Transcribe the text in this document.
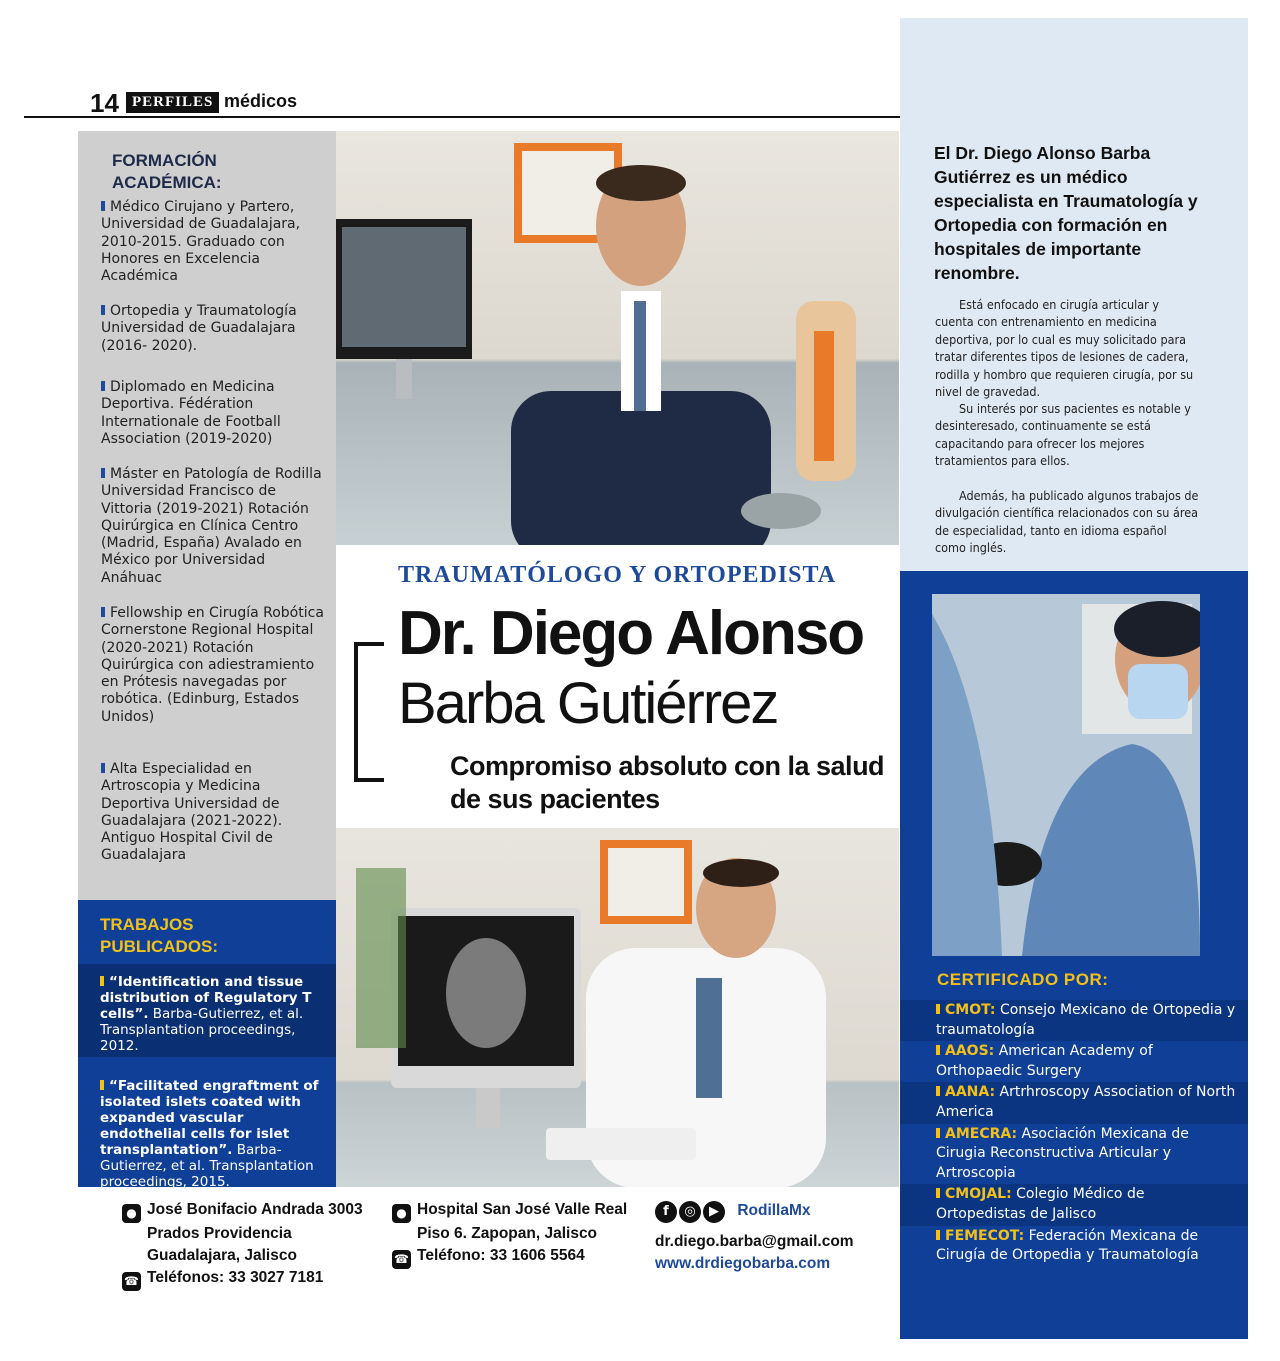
14 PERFILES médicos
FORMACIÓN ACADÉMICA:
Médico Cirujano y Partero, Universidad de Guadalajara, 2010-2015. Graduado con Honores en Excelencia Académica
Ortopedia y Traumatología Universidad de Guadalajara (2016- 2020).
Diplomado en Medicina Deportiva. Fédération Internationale de Football Association (2019-2020)
Máster en Patología de Rodilla Universidad Francisco de Vittoria (2019-2021) Rotación Quirúrgica en Clínica Centro (Madrid, España) Avalado en México por Universidad Anáhuac
Fellowship en Cirugía Robótica Cornerstone Regional Hospital (2020-2021) Rotación Quirúrgica con adiestramiento en Prótesis navegadas por robótica. (Edinburg, Estados Unidos)
Alta Especialidad en Artroscopia y Medicina Deportiva Universidad de Guadalajara (2021-2022). Antiguo Hospital Civil de Guadalajara
TRABAJOS PUBLICADOS:
“Identification and tissue distribution of Regulatory T cells”. Barba-Gutierrez, et al. Transplantation proceedings, 2012.
“Facilitated engraftment of isolated islets coated with expanded vascular endothelial cells for islet transplantation”. Barba-Gutierrez, et al. Transplantation proceedings, 2015.
TRAUMATÓLOGO Y ORTOPEDISTA
Dr. Diego Alonso
Barba Gutiérrez
Compromiso absoluto con la salud de sus pacientes
El Dr. Diego Alonso Barba Gutiérrez es un médico especialista en Traumatología y Ortopedia con formación en hospitales de importante renombre.
Está enfocado en cirugía articular y cuenta con entrenamiento en medicina deportiva, por lo cual es muy solicitado para tratar diferentes tipos de lesiones de cadera, rodilla y hombro que requieren cirugía, por su nivel de gravedad.
Su interés por sus pacientes es notable y desinteresado, continuamente se está capacitando para ofrecer los mejores tratamientos para ellos.
Además, ha publicado algunos trabajos de divulgación científica relacionados con su área de especialidad, tanto en idioma español como inglés.
CERTIFICADO POR:
CMOT: Consejo Mexicano de Ortopedia y traumatología
AAOS: American Academy of Orthopaedic Surgery
AANA: Artrhroscopy Association of North America
AMECRA: Asociación Mexicana de Cirugia Reconstructiva Articular y Artroscopia
CMOJAL: Colegio Médico de Ortopedistas de Jalisco
FEMECOT: Federación Mexicana de Cirugía de Ortopedia y Traumatología
● José Bonifacio Andrada 3003
Prados Providencia
Guadalajara, Jalisco
☎ Teléfonos: 33 3027 7181
● Hospital San José Valle Real
Piso 6. Zapopan, Jalisco
☎ Teléfono: 33 1606 5564
f ◎ ▶ RodillaMx
dr.diego.barba@gmail.com
www.drdiegobarba.com
